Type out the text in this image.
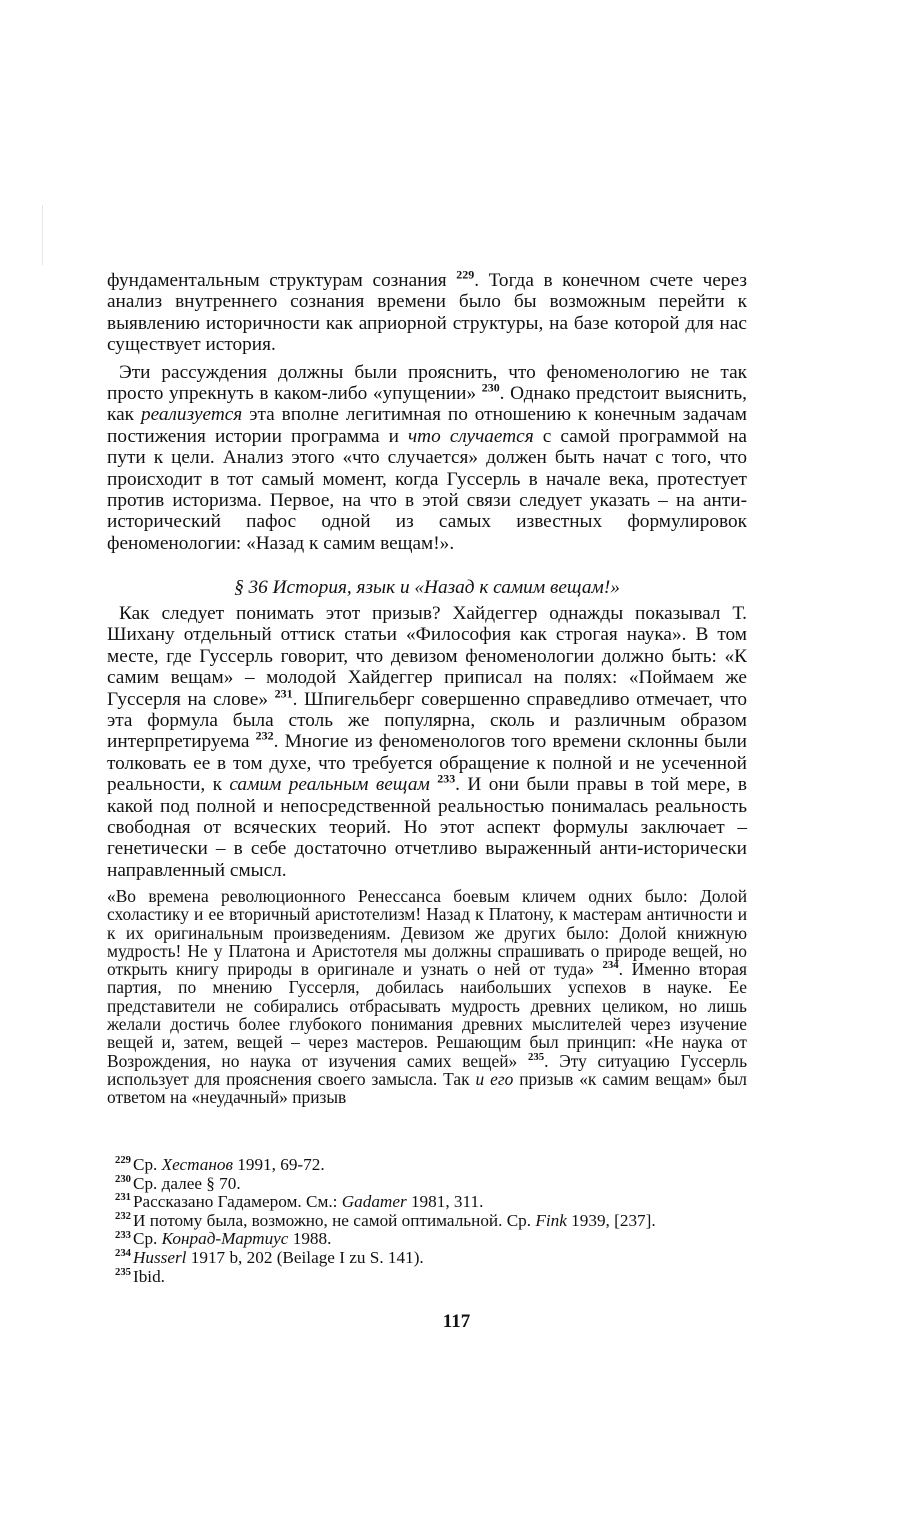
фундаментальным структурам сознания $^{229}$. Тогда в конечном счете через анализ внутреннего сознания времени было бы возможным перейти к выявлению историчности как априорной структуры, на базе которой для нас существует история.

Эти рассуждения должны были прояснить, что феноменологию не так просто упрекнуть в каком-либо «упущении» $^{230}$. Однако предстоит выяснить, как реализуется эта вполне легитимная по отношению к конечным задачам постижения истории программа и что случается с самой программой на пути к цели. Анализ этого «что случается» должен быть начат с того, что происходит в тот самый момент, когда Гуссерль в начале века, протестует против историзма. Первое, на что в этой связи следует указать – на анти-исторический пафос одной из самых известных формулировок феноменологии: «Назад к самим вещам!».

§ 36 История, язык и «Назад к самим вещам!»

Как следует понимать этот призыв? Хайдеггер однажды показывал Т. Шихану отдельный оттиск статьи «Философия как строгая наука». В том месте, где Гуссерль говорит, что девизом феноменологии должно быть: «К самим вещам» – молодой Хайдеггер приписал на полях: «Поймаем же Гуссерля на слове» $^{231}$. Шпигельберг совершенно справедливо отмечает, что эта формула была столь же популярна, сколь и различным образом интерпретируема $^{232}$. Многие из феноменологов того времени склонны были толковать ее в том духе, что требуется обращение к полной и не усеченной реальности, к самим реальным вещам $^{233}$. И они были правы в той мере, в какой под полной и непосредственной реальностью понималась реальность свободная от всяческих теорий. Но этот аспект формулы заключает – генетически – в себе достаточно отчетливо выраженный анти-исторически направленный смысл.

«Во времена революционного Ренессанса боевым кличем одних было: Долой схоластику и ее вторичный аристотелизм! Назад к Платону, к мастерам античности и к их оригинальным произведениям. Девизом же других было: Долой книжную мудрость! Не у Платона и Аристотеля мы должны спрашивать о природе вещей, но открыть книгу природы в оригинале и узнать о ней от туда» $^{234}$. Именно вторая партия, по мнению Гуссерля, добилась наибольших успехов в науке. Ее представители не собирались отбрасывать мудрость древних целиком, но лишь желали достичь более глубокого понимания древних мыслителей через изучение вещей и, затем, вещей – через мастеров. Решающим был принцип: «Не наука от Возрождения, но наука от изучения самих вещей» $^{235}$. Эту ситуацию Гуссерль использует для прояснения своего замысла. Так и его призыв «к самим вещам» был ответом на «неудачный» призыв

$^{229}$ Ср. Хестанов 1991, 69-72.
$^{230}$ Ср. далее § 70.
$^{231}$ Рассказано Гадамером. См.: Gadamer 1981, 311.
$^{232}$ И потому была, возможно, не самой оптимальной. Ср. Fink 1939, [237].
$^{233}$ Ср. Конрад-Мартиус 1988.
$^{234}$ Husserl 1917 b, 202 (Beilage I zu S. 141).
$^{235}$ Ibid.
117
